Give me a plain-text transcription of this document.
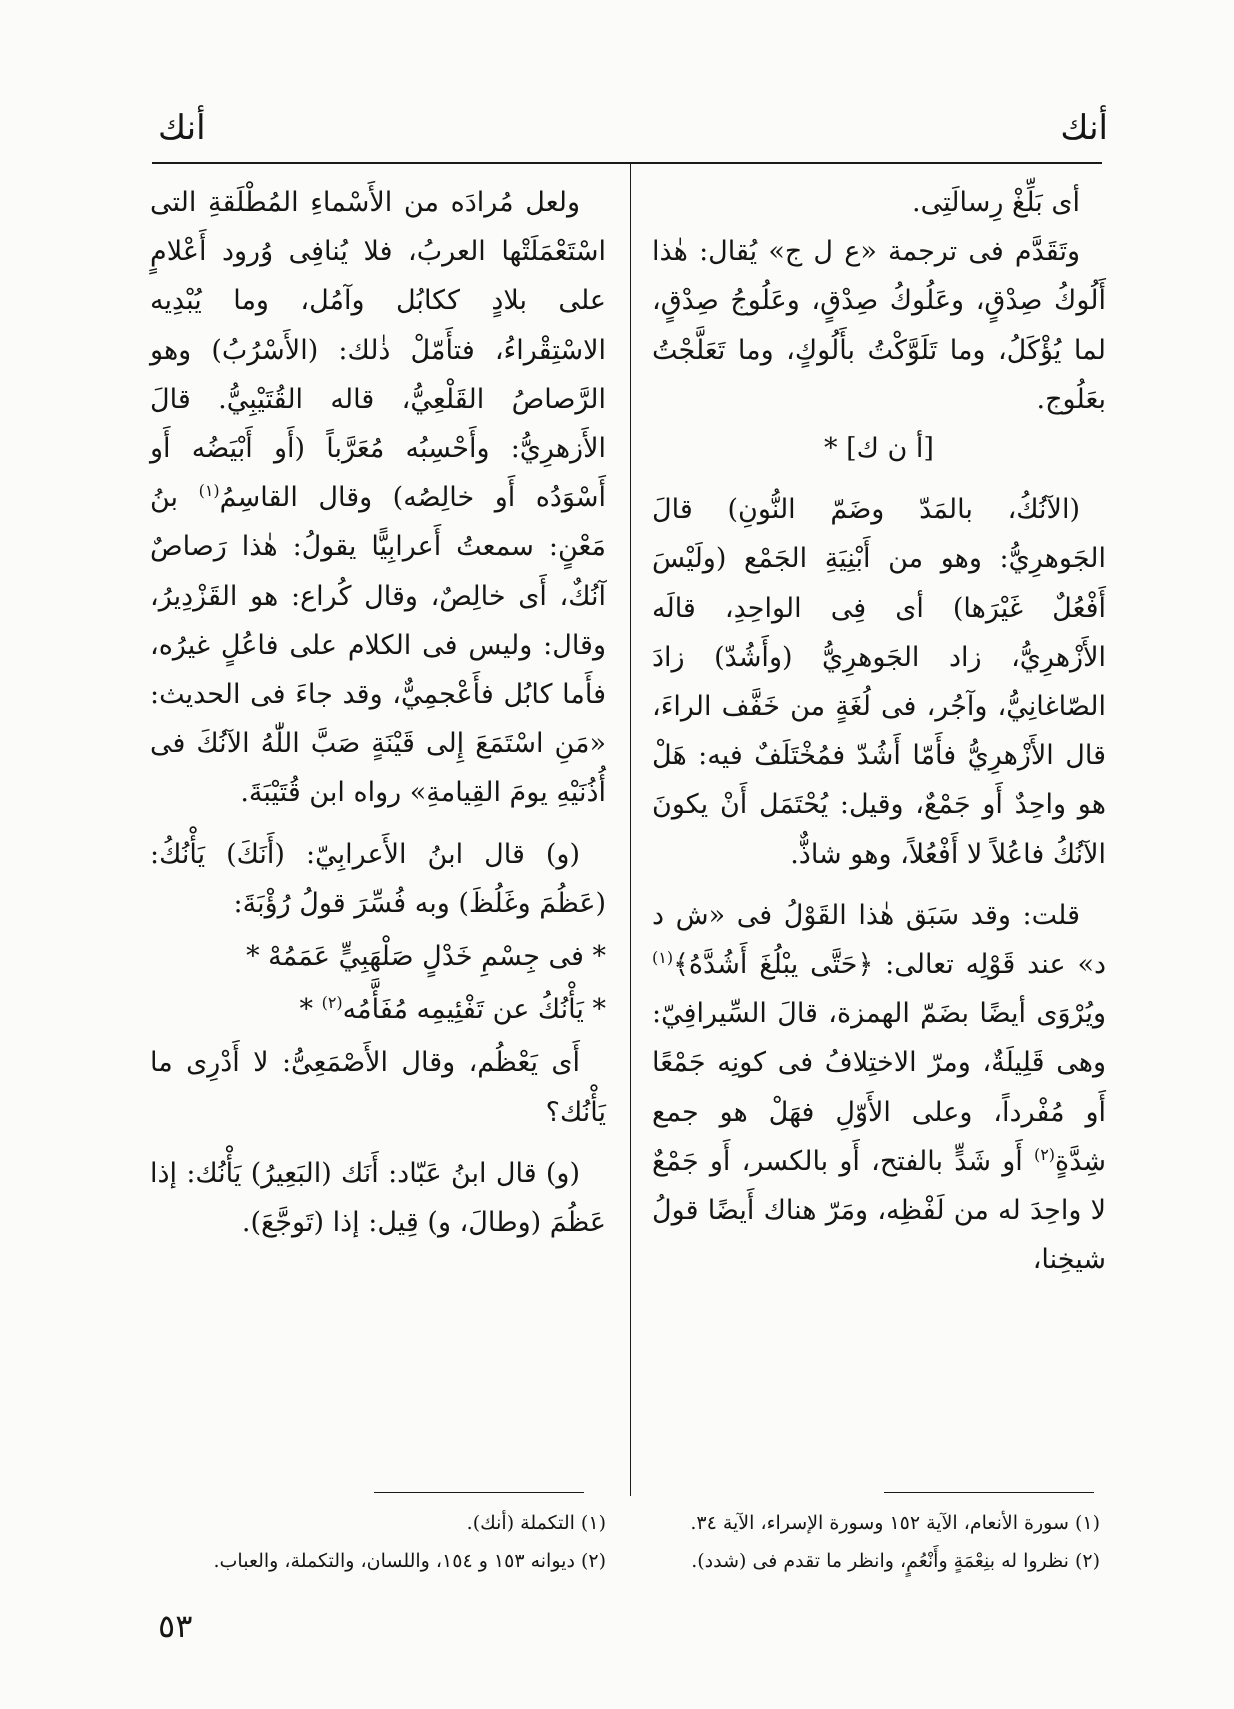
أنك	أنك

أى بَلِّغْ رِسالَتِى.

وتَقَدَّم فى ترجمة «ع ل ج» يُقال: هٰذا أَلُوكُ صِدْقٍ، وعَلُوكُ صِدْقٍ، وعَلُوجُ صِدْقٍ، لما يُؤْكَلُ، وما تَلَوَّكْتُ بأَلُوكٍ، وما تَعَلَّجْتُ بعَلُوج.

[أ ن ك] *

(الآنُكُ، بالمَدّ وضَمّ النُّونِ) قالَ الجَوهرِيُّ: وهو من أَبْنِيَةِ الجَمْع (ولَيْسَ أَفْعُلٌ غَيْرَها) أى فِى الواحِدِ، قالَه الأَزْهرِيُّ، زاد الجَوهرِيُّ (وأَشُدّ) زادَ الصّاغانِيُّ، وآجُر، فى لُغَةٍ من خَفَّف الراءَ، قال الأَزْهرِيُّ فأَمّا أَشُدّ فمُخْتَلَفٌ فيه: هَلْ هو واحِدٌ أَو جَمْعٌ، وقيل: يُحْتَمَل أَنْ يكونَ الآنُكُ فاعُلاً لا أَفْعُلاً، وهو شاذٌّ.

قلت: وقد سَبَق هٰذا القَوْلُ فى «ش د د» عند قَوْلِه تعالى: ﴿حَتَّى يبْلُغَ أَشُدَّهُ﴾$^{(١)}$ ويُرْوَى أيضًا بضَمّ الهمزة، قالَ السِّيرافِيّ: وهى قَلِيلَةٌ، ومرّ الاختِلافُ فى كونِه جَمْعًا أَو مُفْرداً، وعلى الأَوّلِ فهَلْ هو جمع شِدَّةٍ$^{(٢)}$ أَو شَدٍّ بالفتح، أَو بالكسر، أَو جَمْعٌ لا واحِدَ له من لَفْظِه، ومَرّ هناك أَيضًا قولُ شيخِنا،

ولعل مُرادَه من الأَسْماءِ المُطْلَقةِ التى اسْتَعْمَلَتْها العربُ، فلا يُنافِى وُرود أَعْلامٍ على بلادٍ ككابُل وآمُل، وما يُبْدِيه الاسْتِقْراءُ، فتأَمّلْ ذٰلك: (الأَسْرُبُ) وهو الرَّصاصُ القَلْعِيُّ، قاله القُتَيْبِيُّ. قالَ الأَزهرِيُّ: وأَحْسِبُه مُعَرَّباً (أَو أَبْيَضُه أَو أَسْوَدُه أَو خالِصُه) وقال القاسِمُ$^{(١)}$ بنُ مَعْنٍ: سمعتُ أَعرابِيًّا يقولُ: هٰذا رَصاصٌ آنُكٌ، أَى خالِصٌ، وقال كُراع: هو القَزْدِيرُ، وقال: وليس فى الكلام على فاعُلٍ غيرُه، فأَما كابُل فأَعْجمِيٌّ، وقد جاءَ فى الحديث: «مَنِ اسْتَمَعَ إِلى قَيْنَةٍ صَبَّ اللّٰهُ الآنُكَ فى أُذُنَيْهِ يومَ القِيامةِ» رواه ابن قُتَيْبَةَ.

(و) قال ابنُ الأَعرابِيّ: (أَنَكَ) يَأْنُكُ: (عَظُمَ وغَلُظَ) وبه فُسِّرَ قولُ رُؤْبَةَ:

* فى جِسْمِ خَدْلٍ صَلْهَبِيٍّ عَمَمُهْ *

* يَأْنُكُ عن تَفْئِيمِه مُفَأَّمُه$^{(٢)}$ *

أَى يَعْظُم، وقال الأَصْمَعِىُّ: لا أَدْرِى ما يَأْنُك؟

(و) قال ابنُ عَبّاد: أَنَك (البَعِيرُ) يَأْنُك: إذا عَظُمَ (وطالَ، و) قِيل: إذا (تَوجَّعَ).

(١) سورة الأنعام، الآية ١٥٢ وسورة الإسراء، الآية ٣٤.

(٢) نظروا له بنِعْمَةٍ وأَنْعُمٍ، وانظر ما تقدم فى (شدد).

(١) التكملة (أنك).

(٢) ديوانه ١٥٣ و ١٥٤، واللسان، والتكملة، والعباب.

٥٣
